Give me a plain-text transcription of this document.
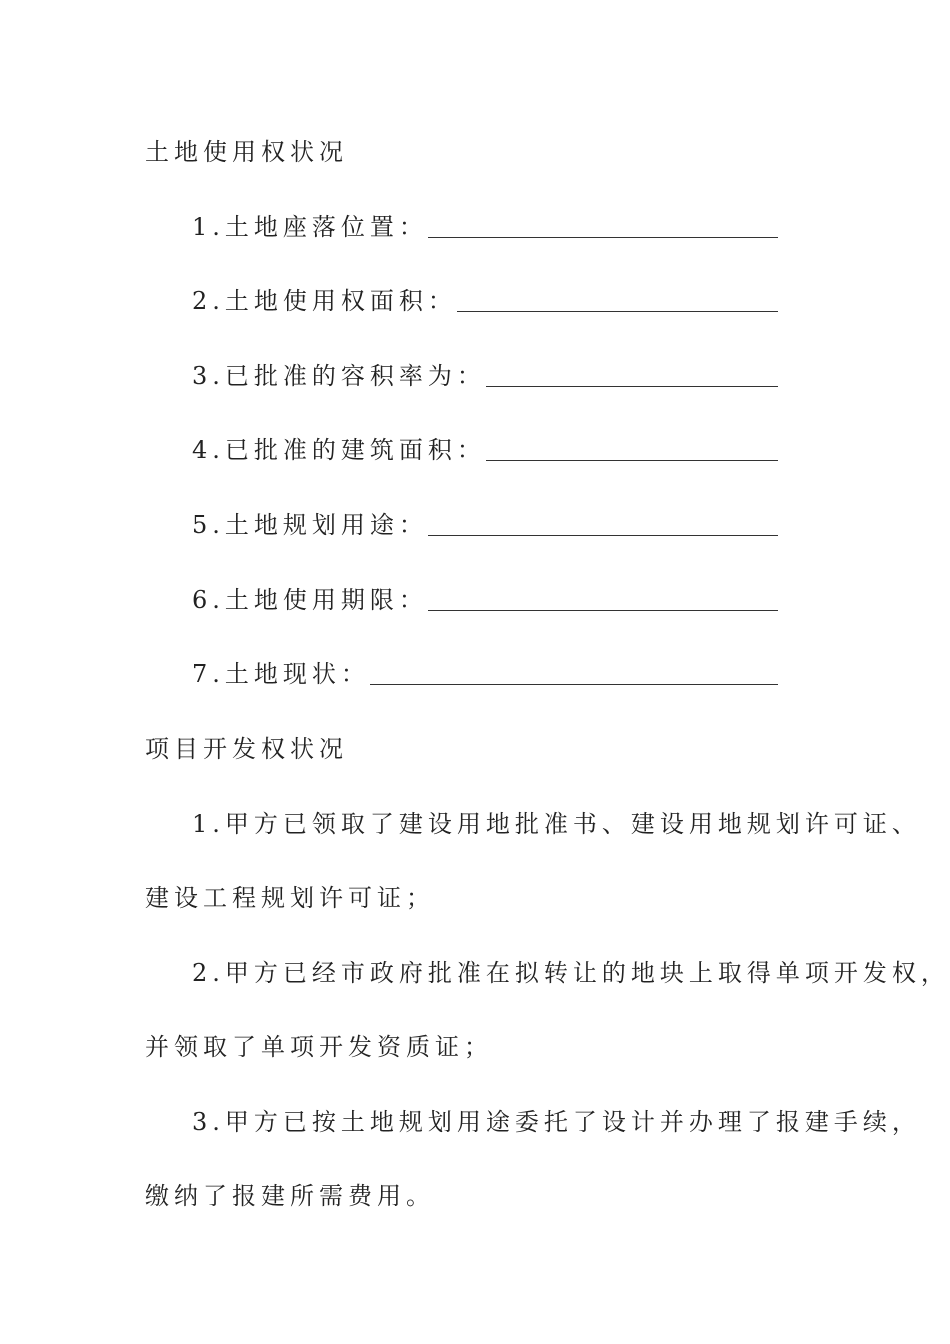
土地使用权状况
1.土地座落位置：
2.土地使用权面积：
3.已批准的容积率为：
4.已批准的建筑面积：
5.土地规划用途：
6.土地使用期限：
7.土地现状：
项目开发权状况
1.甲方已领取了建设用地批准书、建设用地规划许可证、
建设工程规划许可证；
2.甲方已经市政府批准在拟转让的地块上取得单项开发权，
并领取了单项开发资质证；
3.甲方已按土地规划用途委托了设计并办理了报建手续，
缴纳了报建所需费用。
